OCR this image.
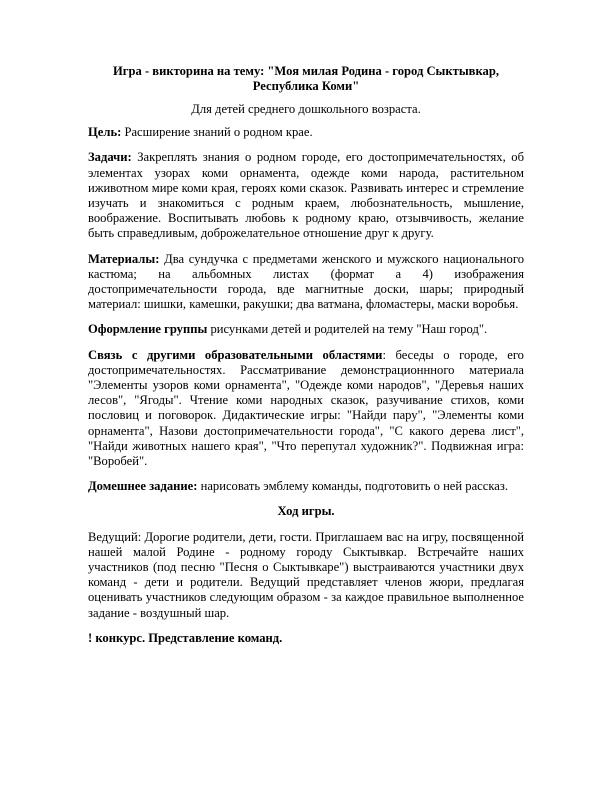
Игра - викторина на тему: "Моя милая Родина - город Сыктывкар,
Республика Коми"
Для детей среднего дошкольного возраста.

Цель: Расширение знаний о родном крае.

Задачи: Закреплять знания о родном городе, его достопримечательностях, об элементах узорах коми орнамента, одежде коми народа, растительном иживотном мире коми края, героях коми сказок. Развивать интерес и стремление изучать и знакомиться с родным краем, любознательность, мышление, воображение. Воспитывать любовь к родному краю, отзывчивость, желание быть справедливым, доброжелательное отношение друг к другу.

Материалы: Два сундучка с предметами женского и мужского национального кастюма; на альбомных листах (формат а 4) изображения достопримечательности города, вде магнитные доски, шары; природный материал: шишки, камешки, ракушки; два ватмана, фломастеры, маски воробья.

Оформление группы рисунками детей и родителей на тему "Наш город".

Связь с другими образовательными областями: беседы о городе, его достопримечательностях. Рассматривание демонстрационнного материала "Элементы узоров коми орнамента", "Одежде коми народов", "Деревья наших лесов", "Ягоды". Чтение коми народных сказок, разучивание стихов, коми пословиц и поговорок. Дидактические игры: "Найди пару", "Элементы коми орнамента", Назови достопримечательности города", "С какого дерева лист", "Найди животных нашего края", "Что перепутал художник?". Подвижная игра: "Воробей".

Домешнее задание: нарисовать эмблему команды, подготовить о ней рассказ.

Ход игры.

Ведущий: Дорогие родители, дети, гости. Приглашаем вас на игру, посвященной нашей малой Родине - родному городу Сыктывкар. Встречайте наших участников (под песню "Песня о Сыктывкаре") выстраиваются участники двух команд - дети и родители. Ведущий представляет членов жюри, предлагая оценивать участников следующим образом - за каждое правильное выполненное задание - воздушный шар.

! конкурс. Представление команд.
